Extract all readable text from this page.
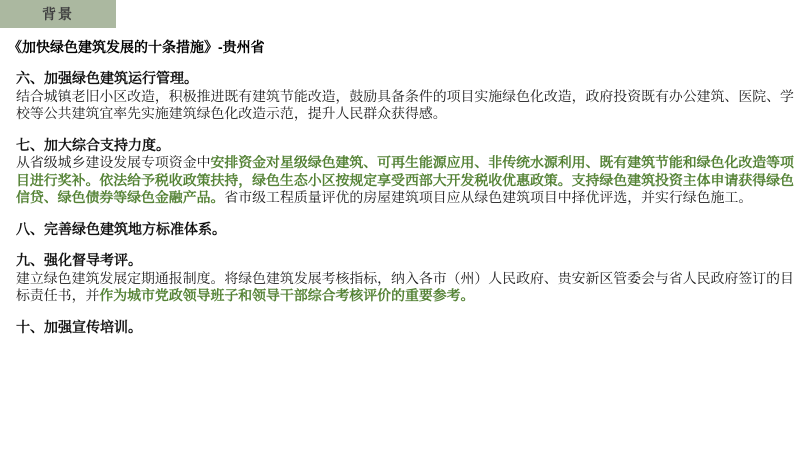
背景
《加快绿色建筑发展的十条措施》-贵州省
六、加强绿色建筑运行管理。
结合城镇老旧小区改造，积极推进既有建筑节能改造，鼓励具备条件的项目实施绿色化改造，政府投资既有办公建筑、医院、学校等公共建筑宜率先实施建筑绿色化改造示范，提升人民群众获得感。
七、加大综合支持力度。
从省级城乡建设发展专项资金中安排资金对星级绿色建筑、可再生能源应用、非传统水源利用、既有建筑节能和绿色化改造等项目进行奖补。依法给予税收政策扶持，绿色生态小区按规定享受西部大开发税收优惠政策。支持绿色建筑投资主体申请获得绿色信贷、绿色债券等绿色金融产品。省市级工程质量评优的房屋建筑项目应从绿色建筑项目中择优评选，并实行绿色施工。
八、完善绿色建筑地方标准体系。
九、强化督导考评。
建立绿色建筑发展定期通报制度。将绿色建筑发展考核指标，纳入各市（州）人民政府、贵安新区管委会与省人民政府签订的目标责任书，并作为城市党政领导班子和领导干部综合考核评价的重要参考。
十、加强宣传培训。
